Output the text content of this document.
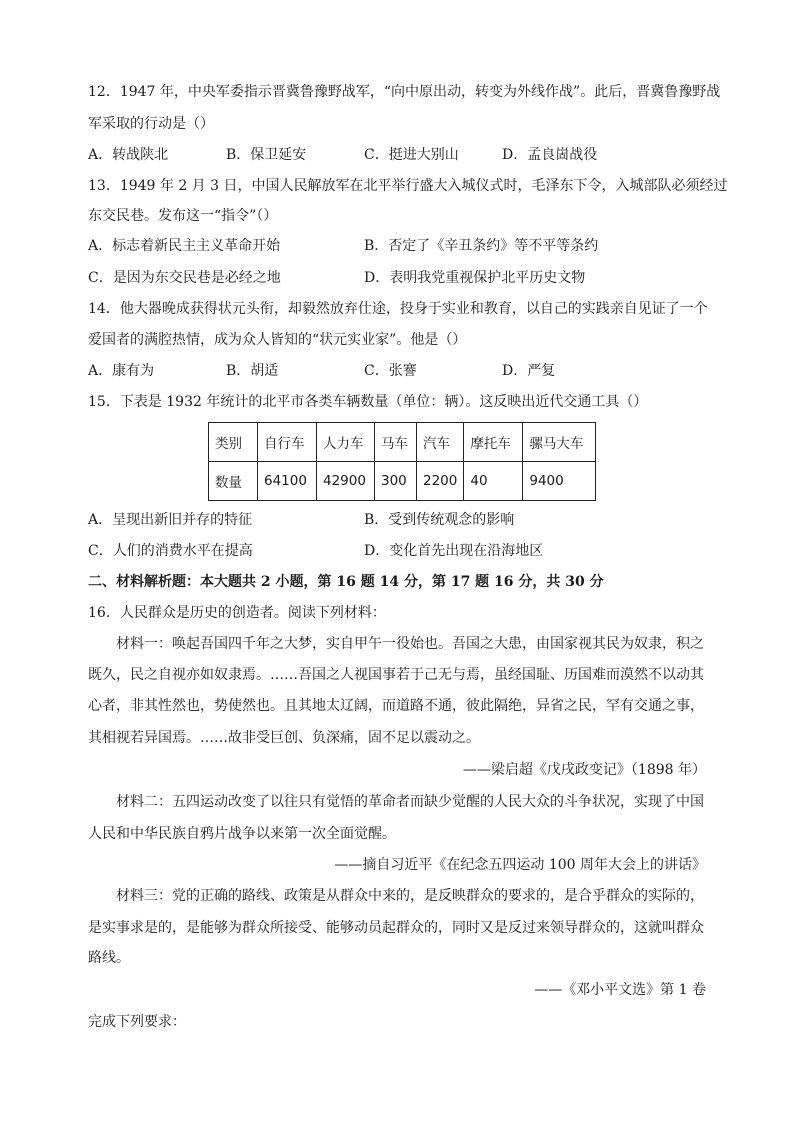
12．1947 年，中央军委指示晋冀鲁豫野战军，“向中原出动，转变为外线作战”。此后，晋冀鲁豫野战
军采取的行动是（）
A．转战陕北	B．保卫延安	C．挺进大别山	D．孟良崮战役
13．1949 年 2 月 3 日，中国人民解放军在北平举行盛大入城仪式时，毛泽东下令，入城部队必须经过
东交民巷。发布这一“指令”（）
A．标志着新民主主义革命开始	B．否定了《辛丑条约》等不平等条约
C．是因为东交民巷是必经之地	D．表明我党重视保护北平历史文物
14．他大器晚成获得状元头衔，却毅然放弃仕途，投身于实业和教育，以自己的实践亲自见证了一个
爱国者的满腔热情，成为众人皆知的“状元实业家”。他是（）
A．康有为	B．胡适	C．张謇	D．严复
15．下表是 1932 年统计的北平市各类车辆数量（单位：辆）。这反映出近代交通工具（）
类别	自行车	人力车	马车	汽车	摩托车	骡马大车
数量	64100	42900	300	2200	40	9400
A．呈现出新旧并存的特征	B．受到传统观念的影响
C．人们的消费水平在提高	D．变化首先出现在沿海地区
二、材料解析题：本大题共 2 小题，第 16 题 14 分，第 17 题 16 分，共 30 分
16．人民群众是历史的创造者。阅读下列材料：
材料一：唤起吾国四千年之大梦，实自甲午一役始也。吾国之大患，由国家视其民为奴隶，积之
既久，民之自视亦如奴隶焉。……吾国之人视国事若于己无与焉，虽经国耻、历国难而漠然不以动其
心者，非其性然也，势使然也。且其地太辽阔，而道路不通，彼此隔绝，异省之民，罕有交通之事，
其相视若异国焉。……故非受巨创、负深痛，固不足以震动之。
——梁启超《戊戌政变记》（1898 年）
材料二：五四运动改变了以往只有觉悟的革命者而缺少觉醒的人民大众的斗争状况，实现了中国
人民和中华民族自鸦片战争以来第一次全面觉醒。
——摘自习近平《在纪念五四运动 100 周年大会上的讲话》
材料三：党的正确的路线、政策是从群众中来的，是反映群众的要求的，是合乎群众的实际的，
是实事求是的，是能够为群众所接受、能够动员起群众的，同时又是反过来领导群众的，这就叫群众
路线。
——《邓小平文选》第 1 卷
完成下列要求：
